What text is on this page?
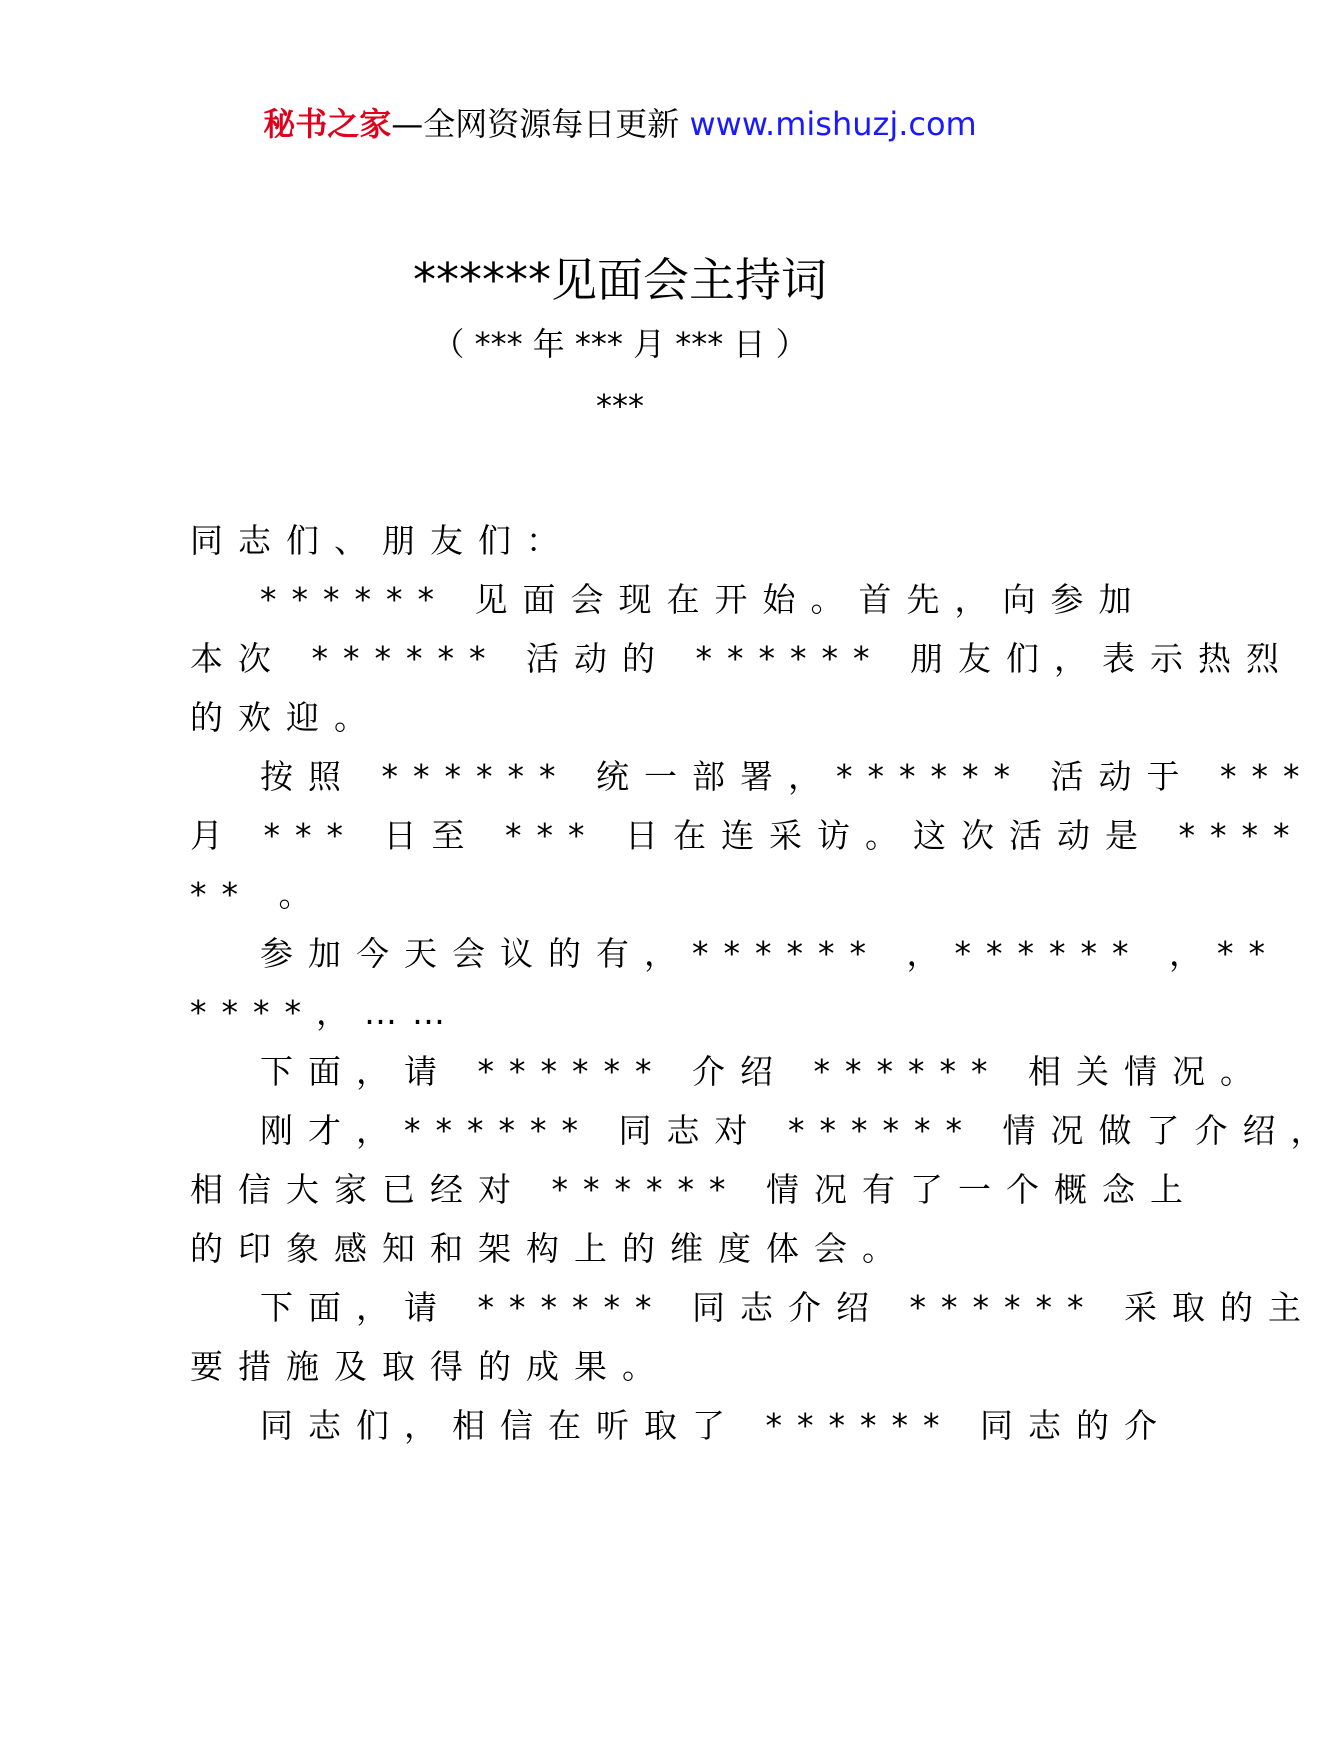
秘书之家—全网资源每日更新 www.mishuzj.com
******见面会主持词
（ *** 年 *** 月 *** 日 ）
***
同志们、朋友们：
****** 见面会现在开始。首先，向参加
本次 ****** 活动的 ****** 朋友们，表示热烈
的欢迎。
按照 ****** 统一部署，****** 活动于 ***
月 *** 日至 *** 日在连采访。这次活动是 ****
** 。
参加今天会议的有，****** ，****** ，**
****，……
下面，请 ****** 介绍 ****** 相关情况。
刚才，****** 同志对 ****** 情况做了介绍，
相信大家已经对 ****** 情况有了一个概念上
的印象感知和架构上的维度体会。
下面，请 ****** 同志介绍 ****** 采取的主
要措施及取得的成果。
同志们，相信在听取了 ****** 同志的介
